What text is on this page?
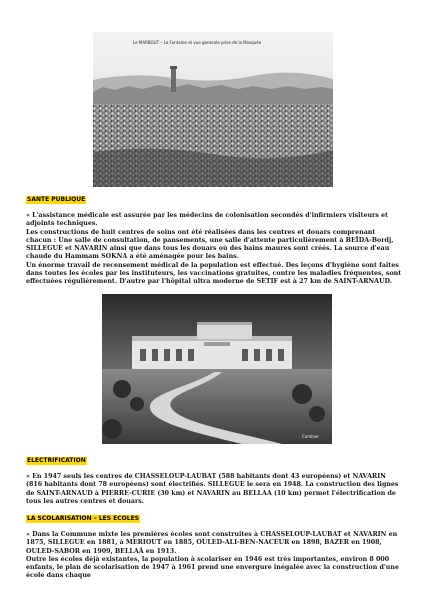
Le MARBOUT – La Fontaine et vue generale prise de la Mosquée
SANTE PUBLIQUE

« L'assistance médicale est assurée par les médecins de colonisation secondés d'infirmiers visiteurs et adjoints techniques.

Les constructions de huit centres de soins ont été réalisées dans les centres et douars comprenant chacun : Une salle de consultation, de pansements, une salle d'attente particulièrement à BEÏDA-Bordj, SILLEGUE et NAVARIN ainsi que dans tous les douars où des bains maures sont créés. La source d'eau chaude du Hammam SOKNA a été aménagée pour les bains.

Un énorme travail de recensement médical de la population est effectué. Des leçons d'hygiène sont faites dans toutes les écoles par les instituteurs, les vaccinations gratuites, contre les maladies fréquentes, sont effectuées régulièrement. D'autre par l'hôpital ultra moderne de SETIF est à 27 km de SAINT-ARNAUD.

Combier
ELECTRIFICATION

« En 1947 seuls les centres de CHASSELOUP-LAUBAT (588 habitants dont 43 européens) et NAVARIN (816 habitants dont 78 européens) sont électrifiés. SILLEGUE le sera en 1948. La construction des lignes de SAINT-ARNAUD à PIERRE-CURIE (30 km) et NAVARIN au BELLAA (10 km) permet l'électrification de tous les autres centres et douars.

LA SCOLARISATION – LES ECOLES

« Dans la Commune mixte les premières écoles sont construites à CHASSELOUP-LAUBAT et NAVARIN en 1875, SILLEGUE en 1881, à MERIOUT en 1885, OULED-ALI-BEN-NACEUR en 1898, BAZER en 1908, OULED-SABOR en 1909, BELLAÂ en 1913.

Outre les écoles déjà existantes, la population à scolariser en 1946 est très importantes, environ 8 000 enfants, le plan de scolarisation de 1947 à 1961 prend une envergure inégalée avec la construction d'une école dans chaque
